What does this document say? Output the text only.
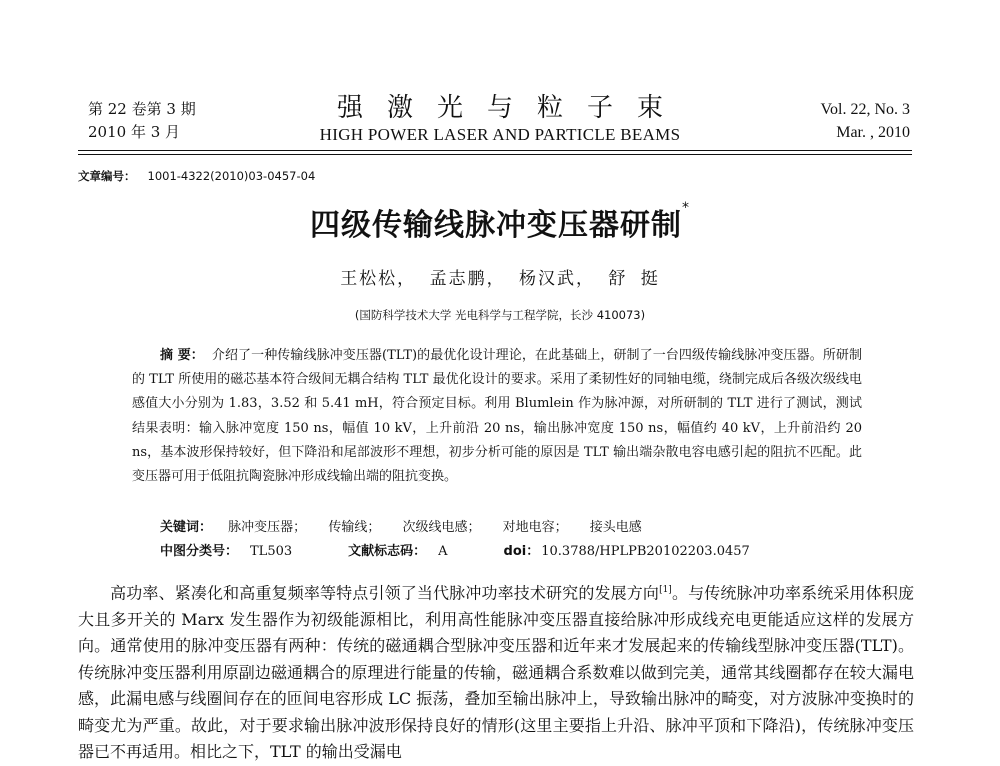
第 22 卷第 3 期
2010 年 3 月
强激光与粒子束
HIGH POWER LASER AND PARTICLE BEAMS
Vol. 22, No. 3
Mar. , 2010
文章编号： 1001-4322(2010)03-0457-04
四级传输线脉冲变压器研制*
王松松， 孟志鹏， 杨汉武， 舒 挺
(国防科学技术大学 光电科学与工程学院，长沙 410073)
摘 要： 介绍了一种传输线脉冲变压器(TLT)的最优化设计理论，在此基础上，研制了一台四级传输线脉冲变压器。所研制的 TLT 所使用的磁芯基本符合级间无耦合结构 TLT 最优化设计的要求。采用了柔韧性好的同轴电缆，绕制完成后各级次级线电感值大小分别为 1.83，3.52 和 5.41 mH，符合预定目标。利用 Blumlein 作为脉冲源，对所研制的 TLT 进行了测试，测试结果表明：输入脉冲宽度 150 ns，幅值 10 kV，上升前沿 20 ns，输出脉冲宽度 150 ns，幅值约 40 kV，上升前沿约 20 ns，基本波形保持较好，但下降沿和尾部波形不理想，初步分析可能的原因是 TLT 输出端杂散电容电感引起的阻抗不匹配。此变压器可用于低阻抗陶瓷脉冲形成线输出端的阻抗变换。
关键词： 脉冲变压器； 传输线； 次级线电感； 对地电容； 接头电感
中图分类号： TL503	文献标志码： A	doi： 10.3788/HPLPB20102203.0457
高功率、紧凑化和高重复频率等特点引领了当代脉冲功率技术研究的发展方向[1]。与传统脉冲功率系统采用体积庞大且多开关的 Marx 发生器作为初级能源相比，利用高性能脉冲变压器直接给脉冲形成线充电更能适应这样的发展方向。通常使用的脉冲变压器有两种：传统的磁通耦合型脉冲变压器和近年来才发展起来的传输线型脉冲变压器(TLT)。传统脉冲变压器利用原副边磁通耦合的原理进行能量的传输，磁通耦合系数难以做到完美，通常其线圈都存在较大漏电感，此漏电感与线圈间存在的匝间电容形成 LC 振荡，叠加至输出脉冲上，导致输出脉冲的畸变，对方波脉冲变换时的畸变尤为严重。故此，对于要求输出脉冲波形保持良好的情形(这里主要指上升沿、脉冲平顶和下降沿)，传统脉冲变压器已不再适用。相比之下，TLT 的输出受漏电
